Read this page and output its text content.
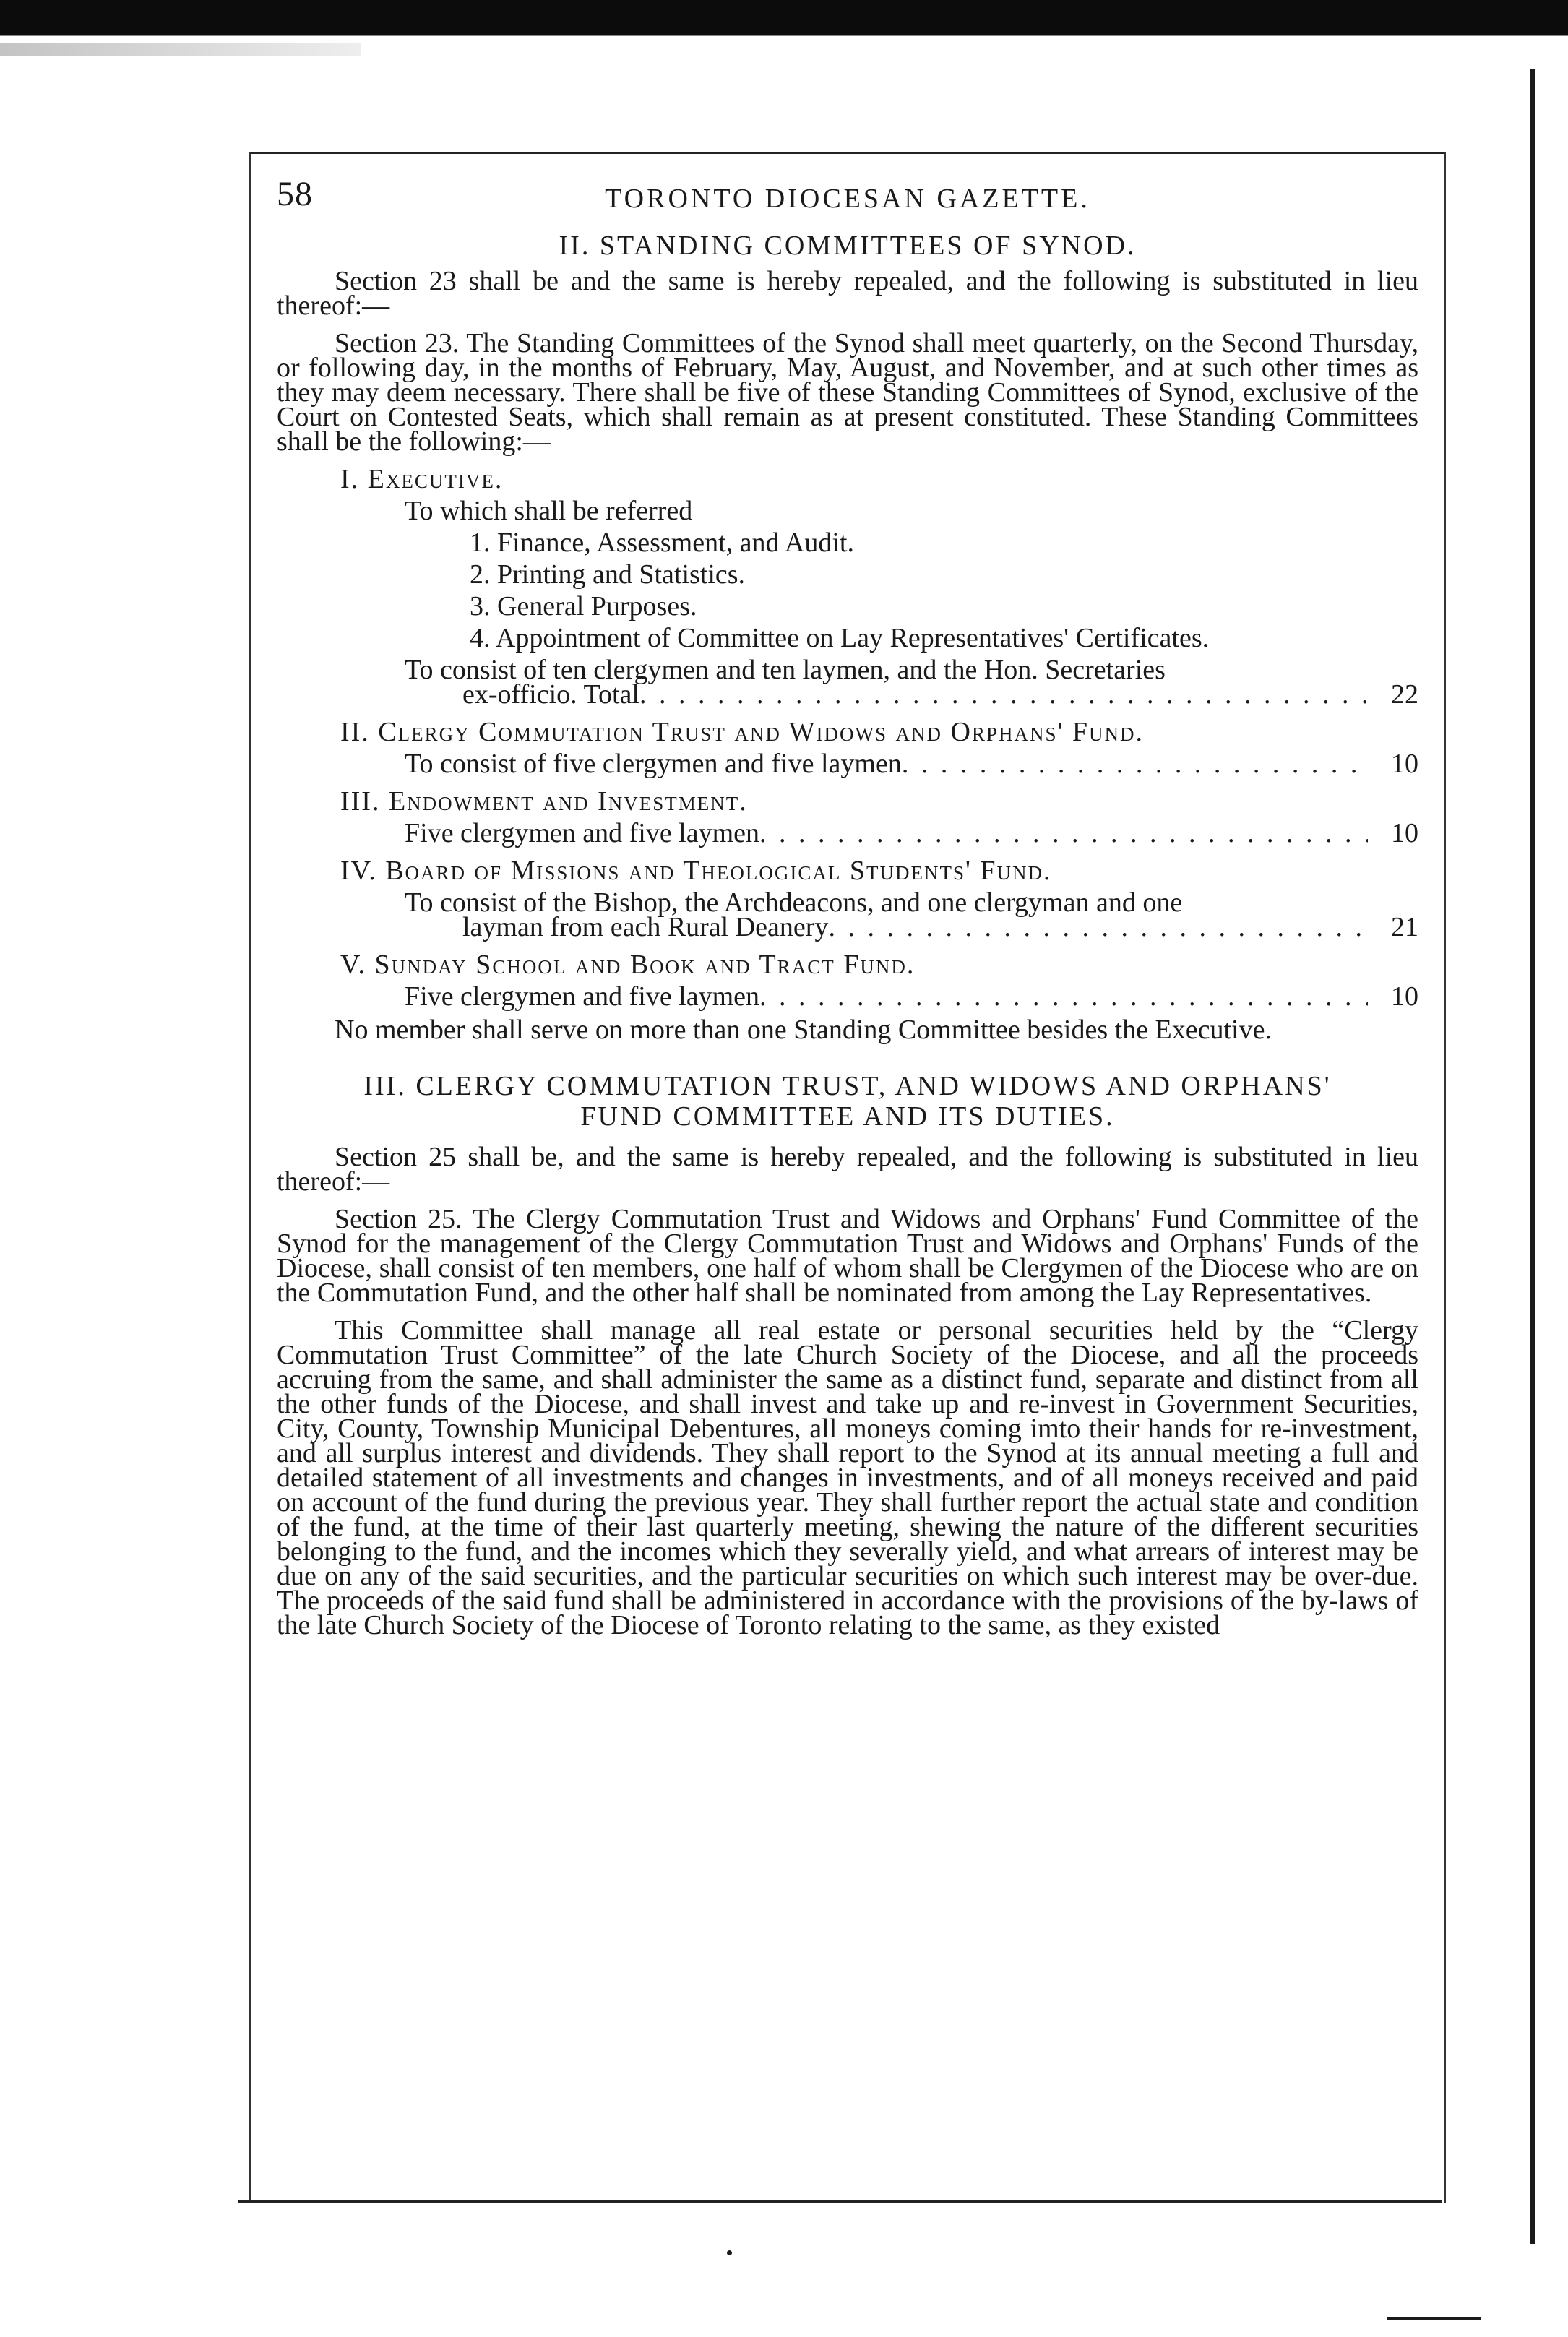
58	TORONTO DIOCESAN GAZETTE.
II. STANDING COMMITTEES OF SYNOD.

Section 23 shall be and the same is hereby repealed, and the following is substituted in lieu thereof:—

Section 23. The Standing Committees of the Synod shall meet quarterly, on the Second Thursday, or following day, in the months of February, May, August, and November, and at such other times as they may deem necessary. There shall be five of these Standing Committees of Synod, exclusive of the Court on Contested Seats, which shall remain as at present constituted. These Standing Committees shall be the following:—

I. Executive.
To which shall be referred
1. Finance, Assessment, and Audit.
2. Printing and Statistics.
3. General Purposes.
4. Appointment of Committee on Lay Representatives' Certificates.
To consist of ten clergymen and ten laymen, and the Hon. Secretaries
ex-officio. Total . . .	22
II. Clergy Commutation Trust and Widows and Orphans' Fund.
To consist of five clergymen and five laymen . . .	10
III. Endowment and Investment.
Five clergymen and five laymen . . .	10
IV. Board of Missions and Theological Students' Fund.
To consist of the Bishop, the Archdeacons, and one clergyman and one
layman from each Rural Deanery . . .	21
V. Sunday School and Book and Tract Fund.
Five clergymen and five laymen . . .	10

No member shall serve on more than one Standing Committee besides the Executive.

III. CLERGY COMMUTATION TRUST, AND WIDOWS AND ORPHANS'
FUND COMMITTEE AND ITS DUTIES.

Section 25 shall be, and the same is hereby repealed, and the following is substituted in lieu thereof:—

Section 25. The Clergy Commutation Trust and Widows and Orphans' Fund Committee of the Synod for the management of the Clergy Commutation Trust and Widows and Orphans' Funds of the Diocese, shall consist of ten members, one half of whom shall be Clergymen of the Diocese who are on the Commutation Fund, and the other half shall be nominated from among the Lay Representatives.

This Committee shall manage all real estate or personal securities held by the “Clergy Commutation Trust Committee” of the late Church Society of the Diocese, and all the proceeds accruing from the same, and shall administer the same as a distinct fund, separate and distinct from all the other funds of the Diocese, and shall invest and take up and re-invest in Government Securities, City, County, Township Municipal Debentures, all moneys coming imto their hands for re-investment, and all surplus interest and dividends. They shall report to the Synod at its annual meeting a full and detailed statement of all investments and changes in investments, and of all moneys received and paid on account of the fund during the previous year. They shall further report the actual state and condition of the fund, at the time of their last quarterly meeting, shewing the nature of the different securities belonging to the fund, and the incomes which they severally yield, and what arrears of interest may be due on any of the said securities, and the particular securities on which such interest may be over-due. The proceeds of the said fund shall be administered in accordance with the provisions of the by-laws of the late Church Society of the Diocese of Toronto relating to the same, as they existed
